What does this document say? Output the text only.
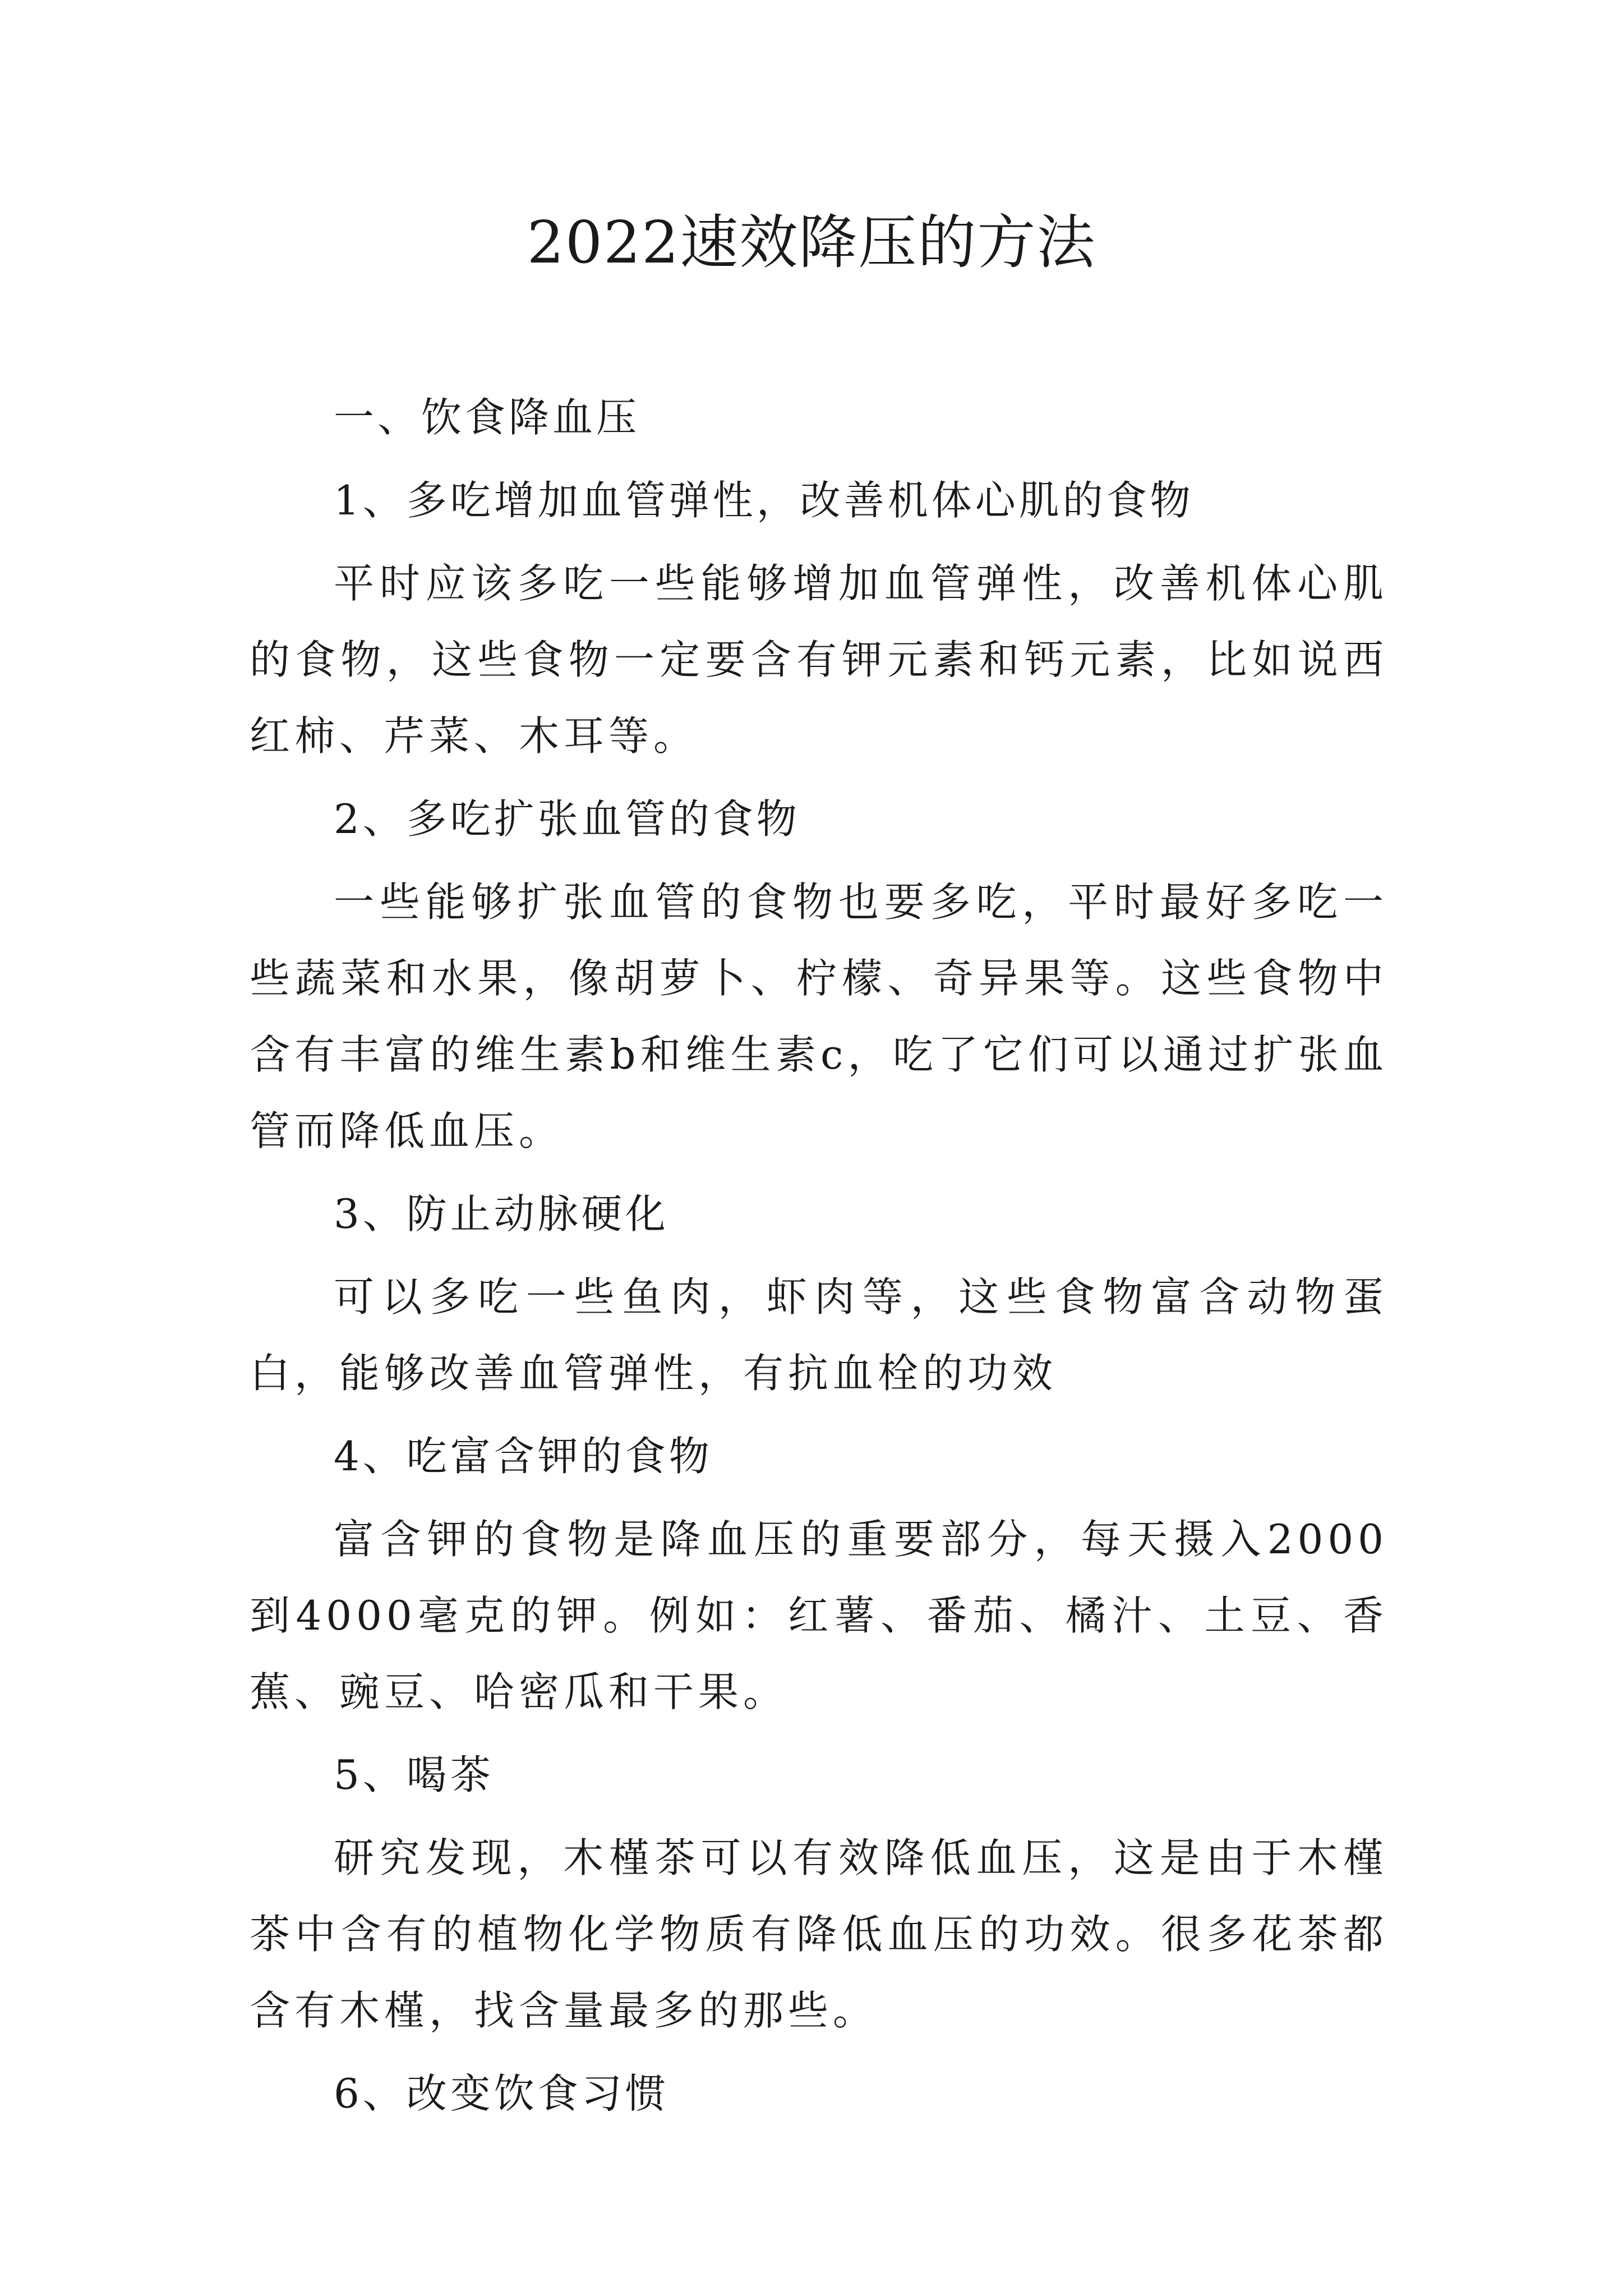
2022速效降压的方法

一、饮食降血压

1、多吃增加血管弹性，改善机体心肌的食物

平时应该多吃一些能够增加血管弹性，改善机体心肌的食物，这些食物一定要含有钾元素和钙元素，比如说西红柿、芹菜、木耳等。

2、多吃扩张血管的食物

一些能够扩张血管的食物也要多吃，平时最好多吃一些蔬菜和水果，像胡萝卜、柠檬、奇异果等。这些食物中含有丰富的维生素b和维生素c，吃了它们可以通过扩张血管而降低血压。

3、防止动脉硬化

可以多吃一些鱼肉，虾肉等，这些食物富含动物蛋白，能够改善血管弹性，有抗血栓的功效

4、吃富含钾的食物

富含钾的食物是降血压的重要部分，每天摄入2000到4000毫克的钾。例如：红薯、番茄、橘汁、土豆、香蕉、豌豆、哈密瓜和干果。

5、喝茶

研究发现，木槿茶可以有效降低血压，这是由于木槿茶中含有的植物化学物质有降低血压的功效。很多花茶都含有木槿，找含量最多的那些。

6、改变饮食习惯
